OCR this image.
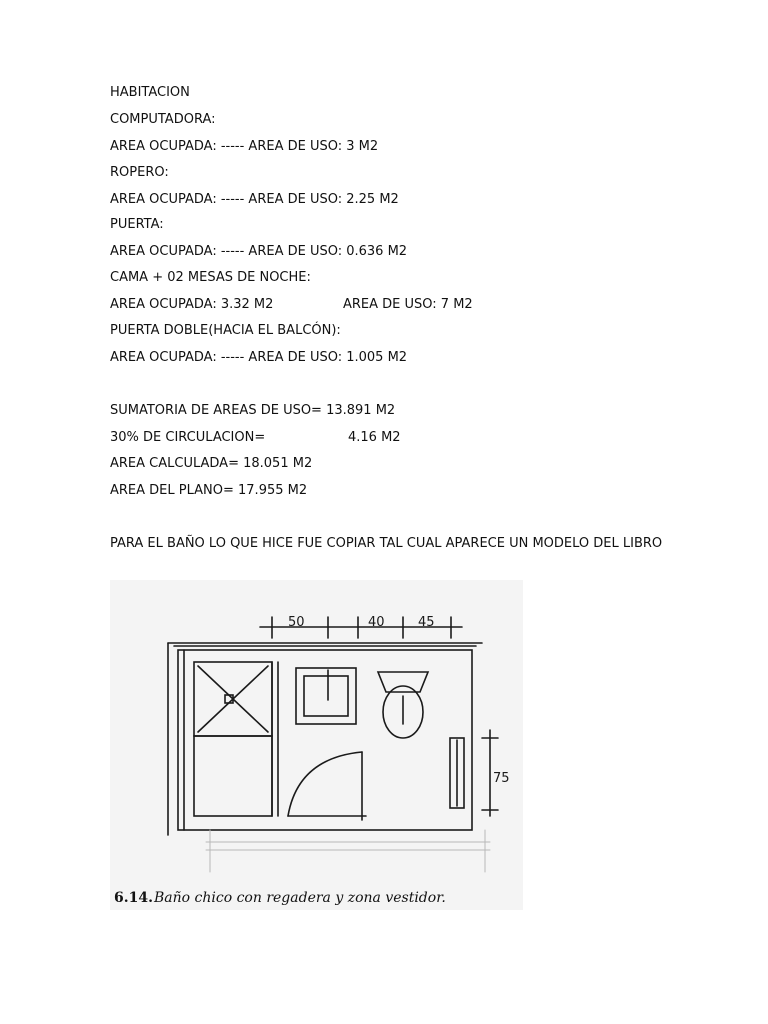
HABITACION
COMPUTADORA:
AREA OCUPADA: ----- AREA DE USO: 3 M2
ROPERO:
AREA OCUPADA: ----- AREA DE USO: 2.25 M2
PUERTA:
AREA OCUPADA: ----- AREA DE USO: 0.636 M2
CAMA + 02 MESAS DE NOCHE:
AREA OCUPADA: 3.32 M2	AREA DE USO: 7 M2
PUERTA DOBLE(HACIA EL BALCÓN):
AREA OCUPADA: ----- AREA DE USO: 1.005 M2
SUMATORIA DE AREAS DE USO= 13.891 M2
30% DE CIRCULACION=	4.16 M2
AREA CALCULADA= 18.051 M2
AREA DEL PLANO= 17.955 M2
PARA EL BAÑO LO QUE HICE FUE COPIAR TAL CUAL APARECE UN MODELO DEL LIBRO
50	40	45
75
6.14. Baño chico con regadera y zona vestidor.
